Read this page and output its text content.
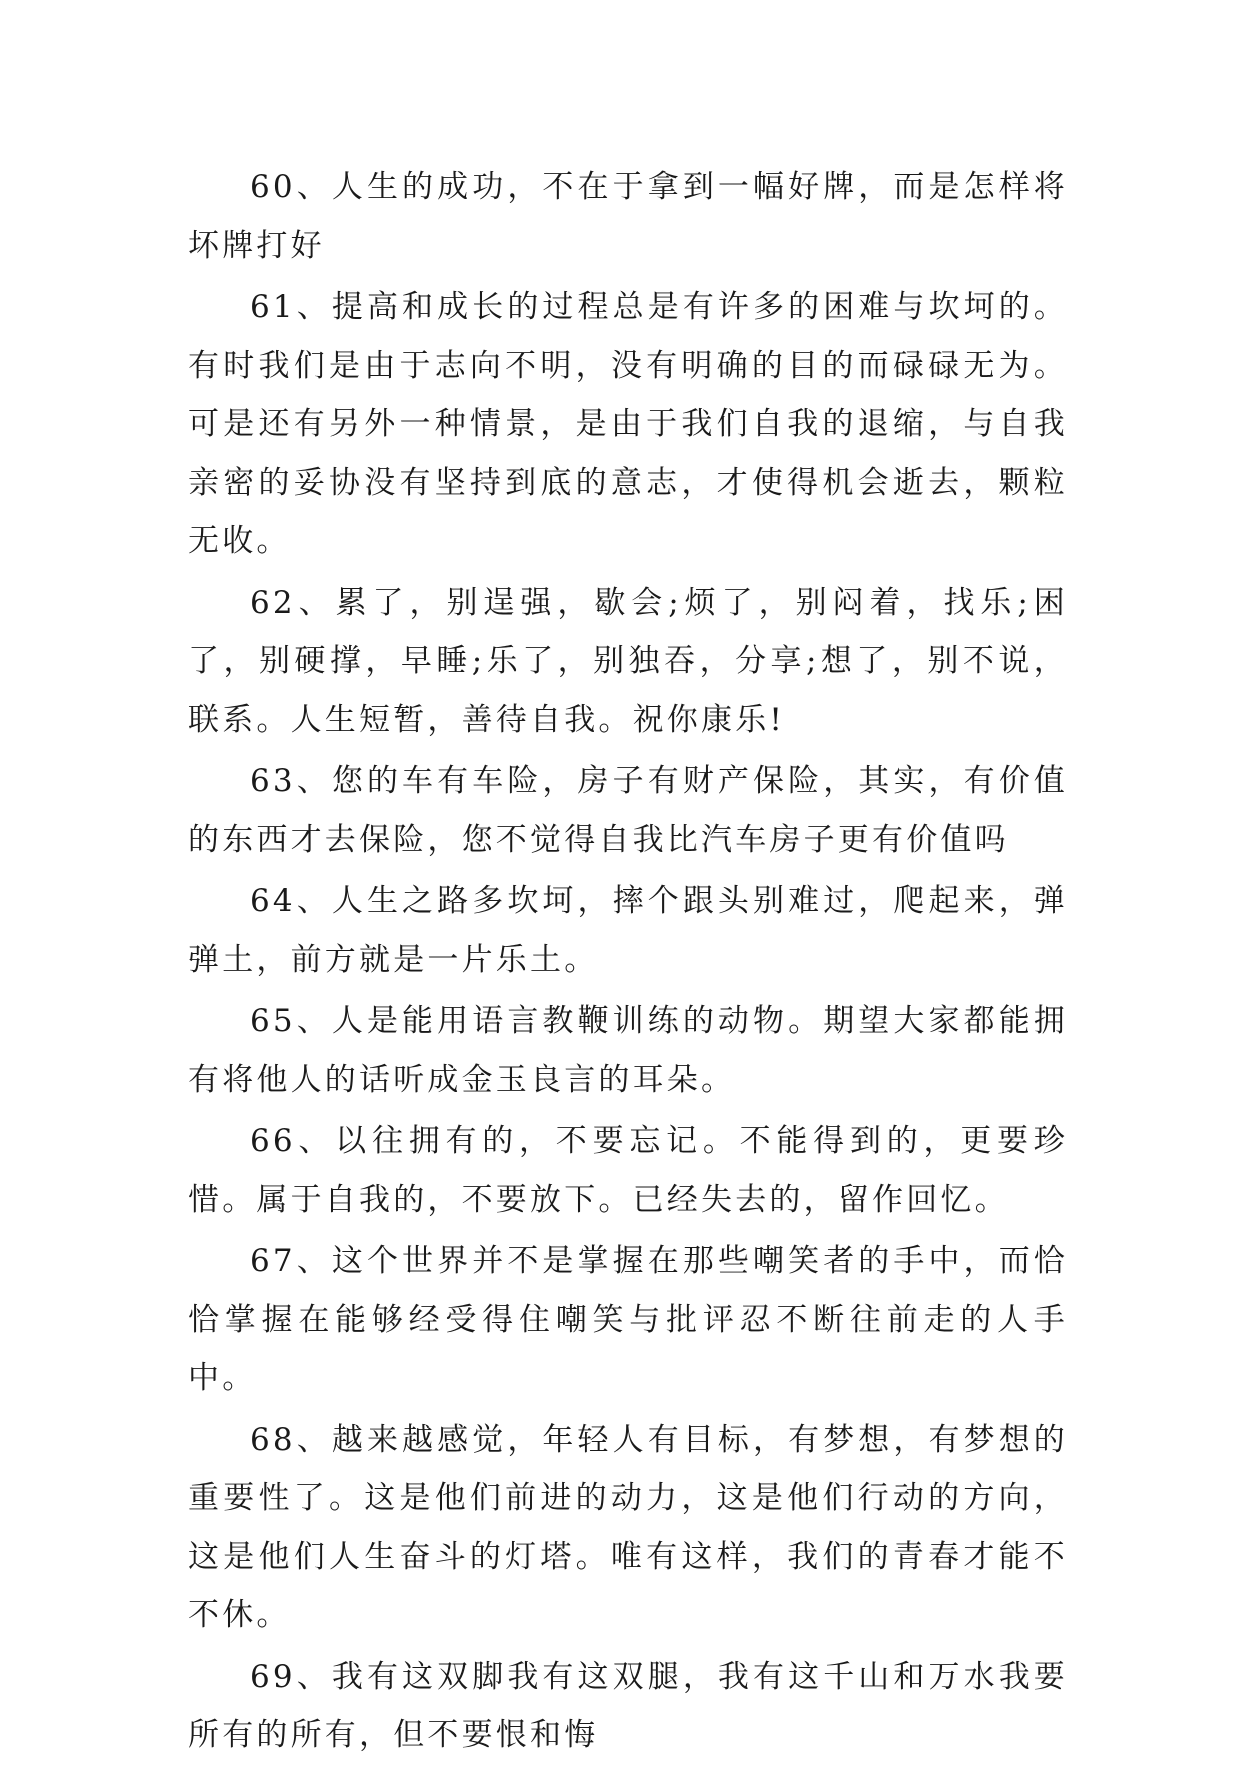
60、人生的成功，不在于拿到一幅好牌，而是怎样将坏牌打好

61、提高和成长的过程总是有许多的困难与坎坷的。有时我们是由于志向不明，没有明确的目的而碌碌无为。可是还有另外一种情景，是由于我们自我的退缩，与自我亲密的妥协没有坚持到底的意志，才使得机会逝去，颗粒无收。

62、累了，别逞强，歇会;烦了，别闷着，找乐;困了，别硬撑，早睡;乐了，别独吞，分享;想了，别不说，联系。人生短暂，善待自我。祝你康乐!

63、您的车有车险，房子有财产保险，其实，有价值的东西才去保险，您不觉得自我比汽车房子更有价值吗

64、人生之路多坎坷，摔个跟头别难过，爬起来，弹弹土，前方就是一片乐土。

65、人是能用语言教鞭训练的动物。期望大家都能拥有将他人的话听成金玉良言的耳朵。

66、以往拥有的，不要忘记。不能得到的，更要珍惜。属于自我的，不要放下。已经失去的，留作回忆。

67、这个世界并不是掌握在那些嘲笑者的手中，而恰恰掌握在能够经受得住嘲笑与批评忍不断往前走的人手中。

68、越来越感觉，年轻人有目标，有梦想，有梦想的重要性了。这是他们前进的动力，这是他们行动的方向，这是他们人生奋斗的灯塔。唯有这样，我们的青春才能不不休。

69、我有这双脚我有这双腿，我有这千山和万水我要所有的所有，但不要恨和悔
